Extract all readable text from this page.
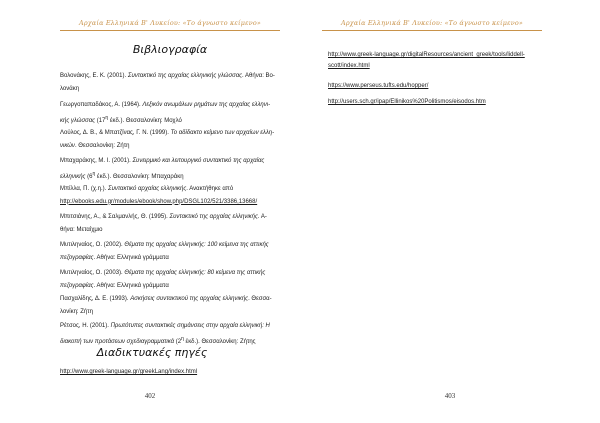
Αρχαία Ελληνικά Β' Λυκείου: «Το άγνωστο κείμενο»
Βιβλιογραφία
Βολονάκης, Ε. Κ. (2001). Συντακτικό της αρχαίας ελληνικής γλώσσας. Αθήνα: Βο-
λονάκη
Γεωργοπαπαδάκος, Α. (1964). Λεξικόν ανωμάλων ρημάτων της αρχαίας ελληνι-
κής γλώσσας ($17^\eta$ έκδ.). Θεσσαλονίκη: Μοχλό
Λούλος, Δ. Β., & Μπατζίνας, Γ. Ν. (1999). Το αδίδακτο κείμενο των αρχαίων ελλη-
νικών. Θεσσαλονίκη: Ζήτη
Μπαχαράκης, Μ. Ι. (2001). Συνειρμικό και λειτουργικό συντακτικό της αρχαίας
ελληνικής ($6^\eta$ έκδ.). Θεσσαλονίκη: Μπαχαράκη
Μπίλλα, Π. (χ.η.). Συντακτικό αρχαίας ελληνικής. Ανακτήθηκε από
http://ebooks.edu.gr/modules/ebook/show.php/DSGL102/521/3386,13668/
Μπιτσιάνης, Α., & Σαλμανλής, Θ. (1995). Συντακτικό της αρχαίας ελληνικής. Α-
θήνα: Μεταίχμιο
Μυτιληναίος, Ο. (2002). Θέματα της αρχαίας ελληνικής: 100 κείμενα της αττικής
πεζογραφίας. Αθήνα: Ελληνικά γράμματα
Μυτιληναίος, Ο. (2003). Θέματα της αρχαίας ελληνικής: 80 κείμενα της αττικής
πεζογραφίας. Αθήνα: Ελληνικά γράμματα
Πασχαλίδης, Δ. Ε. (1993). Ασκήσεις συντακτικού της αρχαίας ελληνικής. Θεσσα-
λονίκη: Ζήτη
Ρέτσος, Η. (2001). Πρωτότυπες συντακτικές σημάνσεις στην αρχαία ελληνική: Η
διακοπή των προτάσεων σχεδιαγραμματικά ($2^\eta$ έκδ.). Θεσσαλονίκη: Ζήτης
Διαδικτυακές πηγές
http://www.greek-language.gr/greekLang/index.html
402
Αρχαία Ελληνικά Β' Λυκείου: «Το άγνωστο κείμενο»
http://www.greek-language.gr/digitalResources/ancient_greek/tools/liddell-
scott/index.html
https://www.perseus.tufts.edu/hopper/
http://users.sch.gr/ipap/Ellinikos%20Politismos/eisodos.htm
403
